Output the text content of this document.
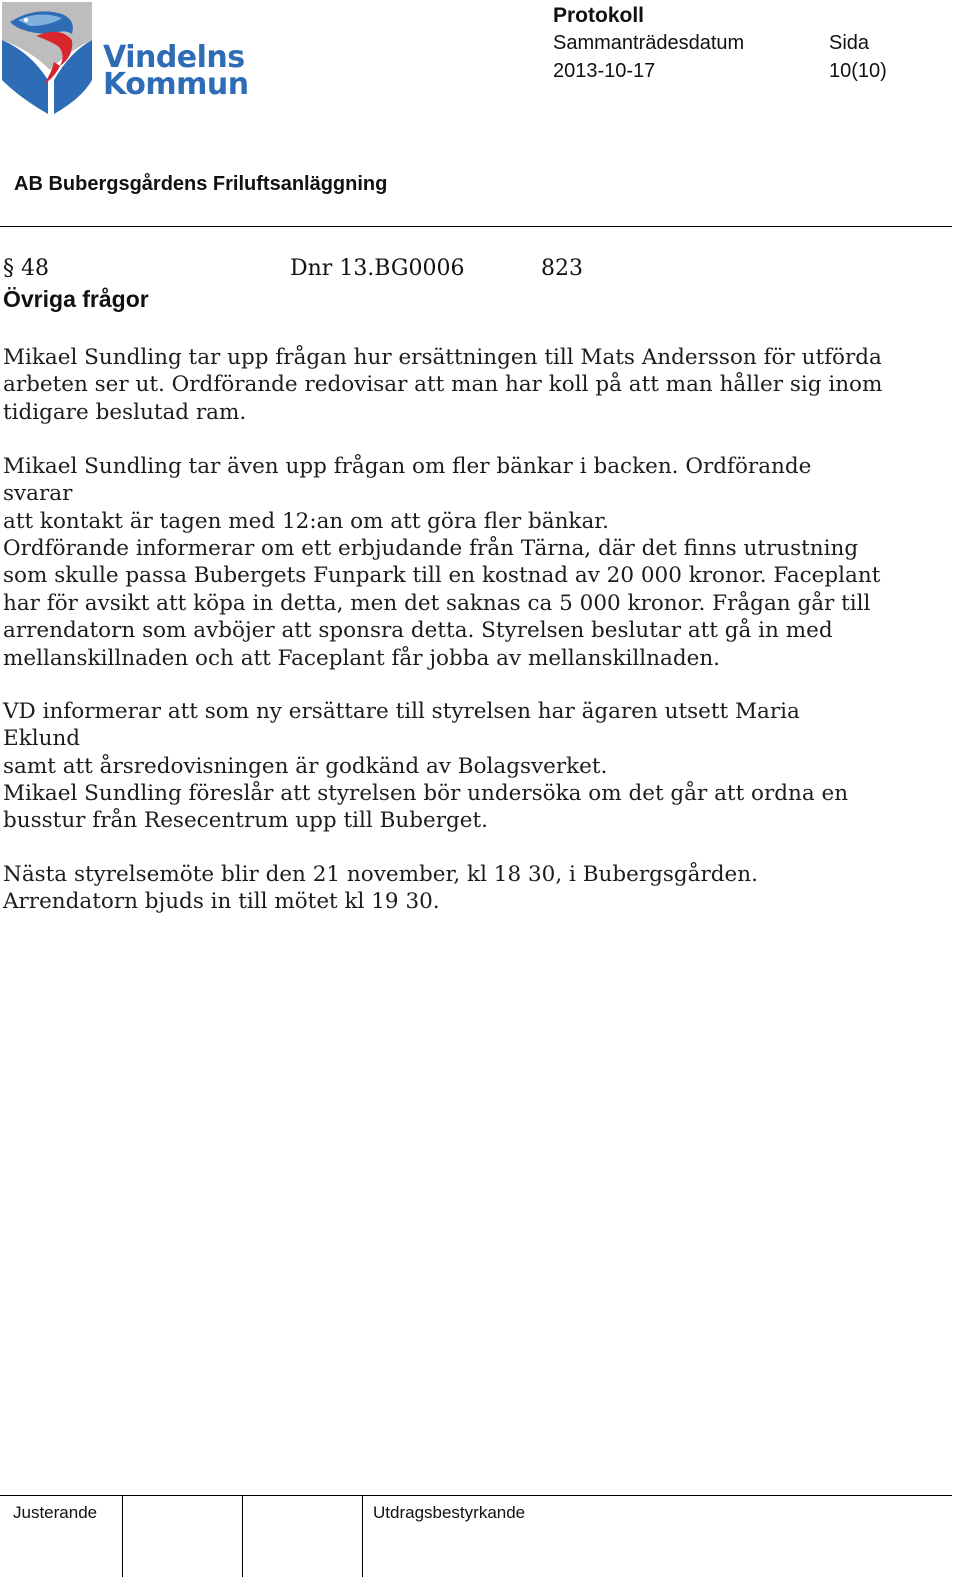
Vindelns
Kommun
Protokoll
Sammanträdesdatum	Sida
2013-10-17	10(10)
AB Bubergsgårdens Friluftsanläggning
§ 48	Dnr 13.BG0006	823
Övriga frågor

Mikael Sundling tar upp frågan hur ersättningen till Mats Andersson för utförda

arbeten ser ut. Ordförande redovisar att man har koll på att man håller sig inom

tidigare beslutad ram.

Mikael Sundling tar även upp frågan om fler bänkar i backen. Ordförande svarar

att kontakt är tagen med 12:an om att göra fler bänkar.

Ordförande informerar om ett erbjudande från Tärna, där det finns utrustning

som skulle passa Bubergets Funpark till en kostnad av 20 000 kronor. Faceplant

har för avsikt att köpa in detta, men det saknas ca 5 000 kronor. Frågan går till

arrendatorn som avböjer att sponsra detta. Styrelsen beslutar att gå in med

mellanskillnaden och att Faceplant får jobba av mellanskillnaden.

VD informerar att som ny ersättare till styrelsen har ägaren utsett Maria Eklund

samt att årsredovisningen är godkänd av Bolagsverket.

Mikael Sundling föreslår att styrelsen bör undersöka om det går att ordna en

busstur från Resecentrum upp till Buberget.

Nästa styrelsemöte blir den 21 november, kl 18 30, i Bubergsgården.

Arrendatorn bjuds in till mötet kl 19 30.

Justerande	Utdragsbestyrkande
